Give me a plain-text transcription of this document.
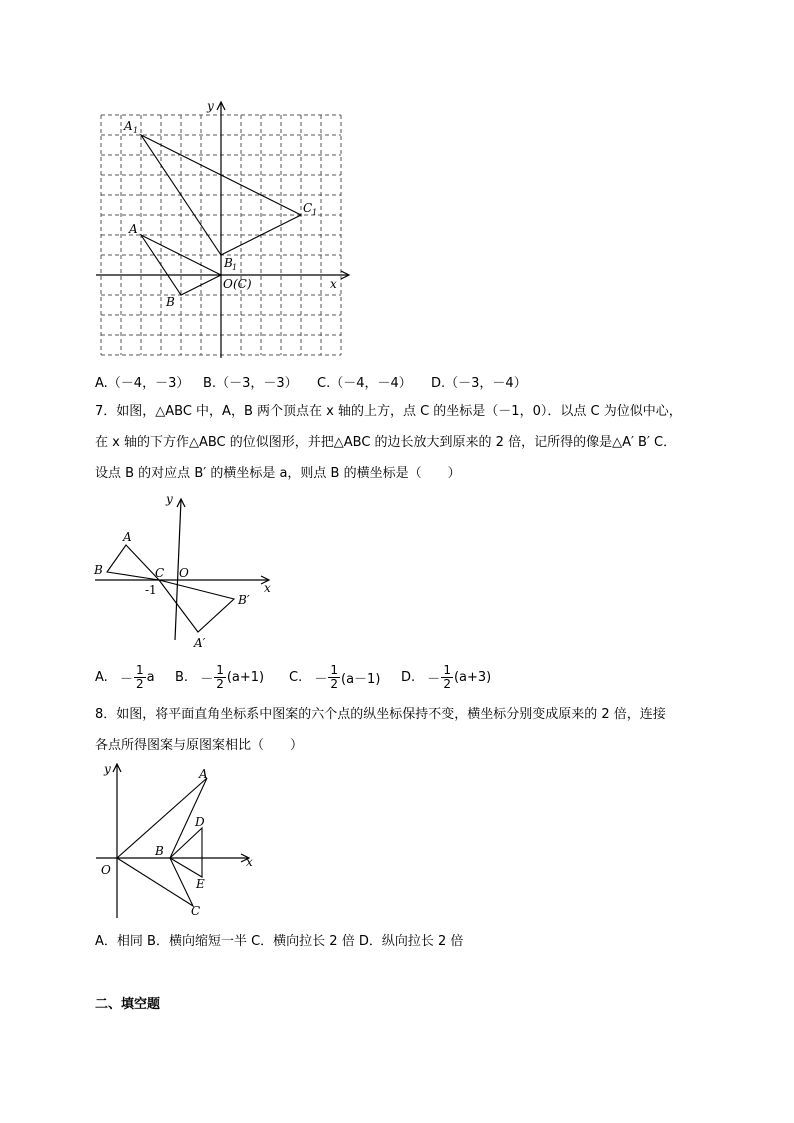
y
x
A 1
C 1
A
B 1
B
O (C)
A.（－4，－3） B.（－3，－3） C.（－4，－4） D.（－3，－4）
7．如图，△ABC 中，A，B 两个顶点在 x 轴的上方，点 C 的坐标是（－1，0）．以点 C 为位似中心，
在 x 轴的下方作△ABC 的位似图形，并把△ABC 的边长放大到原来的 2 倍，记所得的像是△A′ B′ C．
设点 B 的对应点 B′ 的横坐标是 a，则点 B 的横坐标是（　　）
y
x
A
B	C O
-1
B′
A′
A. － $\frac{1}{2}$ a B. － $\frac{1}{2} (a+1) C$. － $\frac{1}{2} (a-1) D$. － $\frac{1}{2} (a+3)$
8．如图，将平面直角坐标系中图案的六个点的纵坐标保持不变，横坐标分别变成原来的 2 倍，连接
各点所得图案与原图案相比（　　）
y
x
O
A
B
C
D
E
A．相同 B．横向缩短一半 C．横向拉长 2 倍 D．纵向拉长 2 倍
二、填空题
